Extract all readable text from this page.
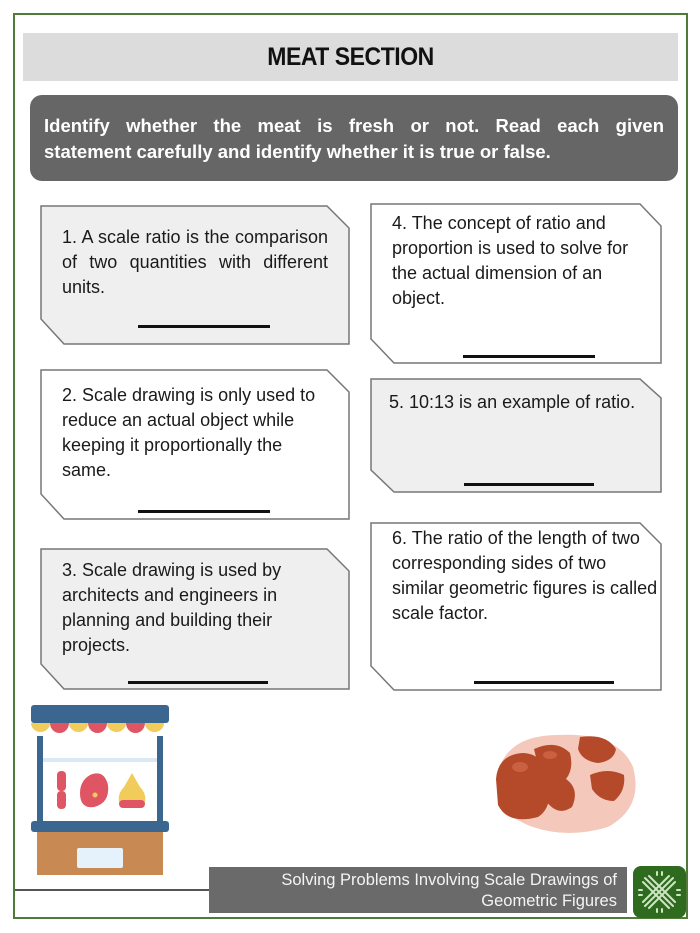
MEAT SECTION
Identify whether the meat is fresh or not. Read each given
statement carefully and identify whether it is true or false.
1. A scale ratio is the comparison of two quantities with different units.
2. Scale drawing is only used to reduce an actual object while keeping it proportionally the same.
3. Scale drawing is used by architects and engineers in planning and building their projects.
4. The concept of ratio and proportion is used to solve for the actual dimension of an object.
5. 10:13 is an example of ratio.
6. The ratio of the length of two corresponding sides of two similar geometric figures is called scale factor.
Solving Problems Involving Scale Drawings of
Geometric Figures
